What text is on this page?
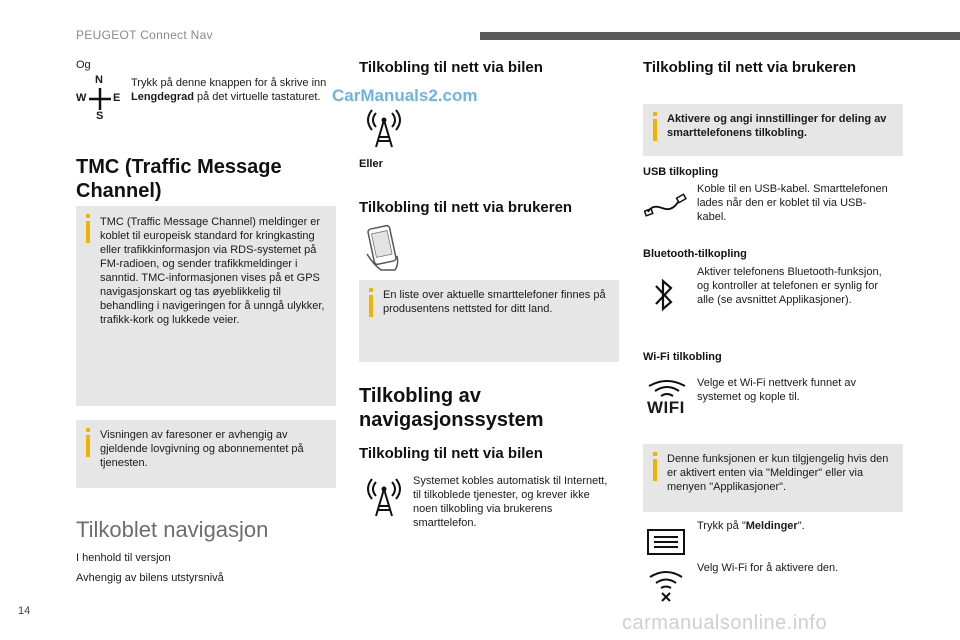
PEUGEOT Connect Nav
CarManuals2.com
Og
N
W E
S
Trykk på denne knappen for å skrive inn Lengdegrad på det virtuelle tastaturet.
TMC (Traffic Message Channel)
TMC (Traffic Message Channel) meldinger er koblet til europeisk standard for kringkasting eller trafikkinformasjon via RDS-systemet på FM-radioen, og sender trafikkmeldinger i sanntid. TMC-informasjonen vises på et GPS navigasjonskart og tas øyeblikkelig til behandling i navigeringen for å unngå ulykker, trafikk-kork og lukkede veier.
Visningen av faresoner er avhengig av gjeldende lovgivning og abonnementet på tjenesten.
Tilkoblet navigasjon
I henhold til versjon
Avhengig av bilens utstyrsnivå
Tilkobling til nett via bilen
Eller
Tilkobling til nett via brukeren
En liste over aktuelle smarttelefoner finnes på produsentens nettsted for ditt land.
Tilkobling av navigasjonssystem
Tilkobling til nett via bilen
Systemet kobles automatisk til Internett, til tilkoblede tjenester, og krever ikke noen tilkobling via brukerens smarttelefon.
Tilkobling til nett via brukeren
Aktivere og angi innstillinger for deling av smarttelefonens tilkobling.
USB tilkopling
Koble til en USB-kabel. Smarttelefonen lades når den er koblet til via USB-kabel.
Bluetooth-tilkopling
Aktiver telefonens Bluetooth-funksjon, og kontroller at telefonen er synlig for alle (se avsnittet Applikasjoner).
Wi-Fi tilkobling
WIFI
Velge et Wi-Fi nettverk funnet av systemet og kople til.
Denne funksjonen er kun tilgjengelig hvis den er aktivert enten via "Meldinger" eller via menyen "Applikasjoner".
Trykk på "Meldinger".
Velg Wi-Fi for å aktivere den.
14
carmanualsonline.info
